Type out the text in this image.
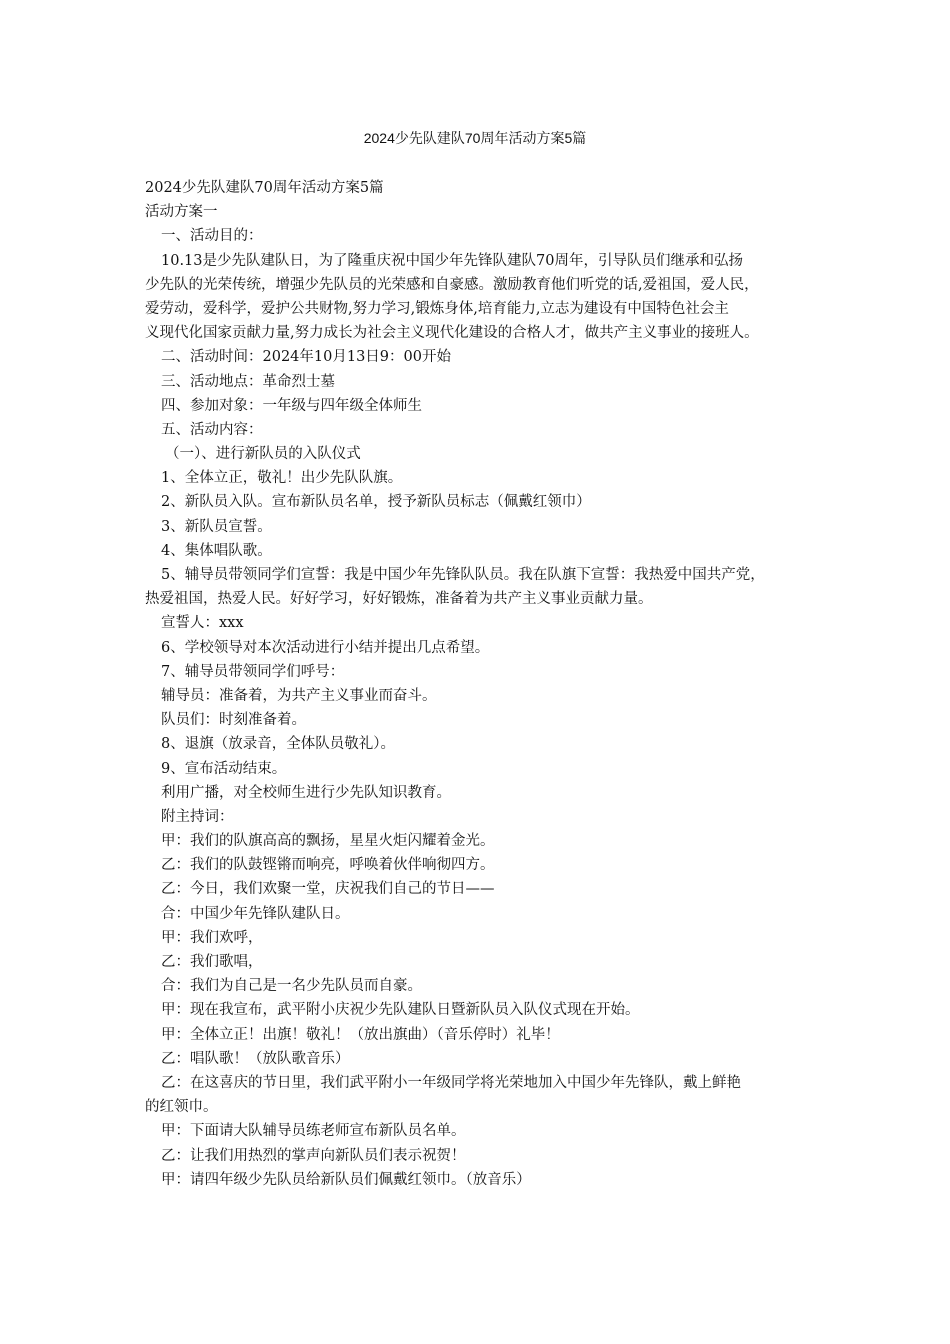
2024少先队建队70周年活动方案5篇
2024少先队建队70周年活动方案5篇
活动方案一
一、活动目的：
10.13是少先队建队日，为了隆重庆祝中国少年先锋队建队70周年，引导队员们继承和弘扬
少先队的光荣传统，增强少先队员的光荣感和自豪感。激励教育他们听党的话,爱祖国，爱人民，
爱劳动，爱科学，爱护公共财物,努力学习,锻炼身体,培育能力,立志为建设有中国特色社会主
义现代化国家贡献力量,努力成长为社会主义现代化建设的合格人才，做共产主义事业的接班人。
二、活动时间：2024年10月13日9：00开始
三、活动地点：革命烈士墓
四、参加对象：一年级与四年级全体师生
五、活动内容：
（一）、进行新队员的入队仪式
1、全体立正，敬礼！出少先队队旗。
2、新队员入队。宣布新队员名单，授予新队员标志（佩戴红领巾）
3、新队员宣誓。
4、集体唱队歌。
5、辅导员带领同学们宣誓：我是中国少年先锋队队员。我在队旗下宣誓：我热爱中国共产党，
热爱祖国，热爱人民。好好学习，好好锻炼，准备着为共产主义事业贡献力量。
宣誓人：xxx
6、学校领导对本次活动进行小结并提出几点希望。
7、辅导员带领同学们呼号：
辅导员：准备着，为共产主义事业而奋斗。
队员们：时刻准备着。
8、退旗（放录音，全体队员敬礼）。
9、宣布活动结束。
利用广播，对全校师生进行少先队知识教育。
附主持词：
甲：我们的队旗高高的飘扬，星星火炬闪耀着金光。
乙：我们的队鼓铿锵而响亮，呼唤着伙伴响彻四方。
乙：今日，我们欢聚一堂，庆祝我们自己的节日——
合：中国少年先锋队建队日。
甲：我们欢呼，
乙：我们歌唱，
合：我们为自己是一名少先队员而自豪。
甲：现在我宣布，武平附小庆祝少先队建队日暨新队员入队仪式现在开始。
甲：全体立正！出旗！敬礼！（放出旗曲）（音乐停时）礼毕！
乙：唱队歌！（放队歌音乐）
乙：在这喜庆的节日里，我们武平附小一年级同学将光荣地加入中国少年先锋队，戴上鲜艳
的红领巾。
甲：下面请大队辅导员练老师宣布新队员名单。
乙：让我们用热烈的掌声向新队员们表示祝贺！
甲：请四年级少先队员给新队员们佩戴红领巾。（放音乐）
